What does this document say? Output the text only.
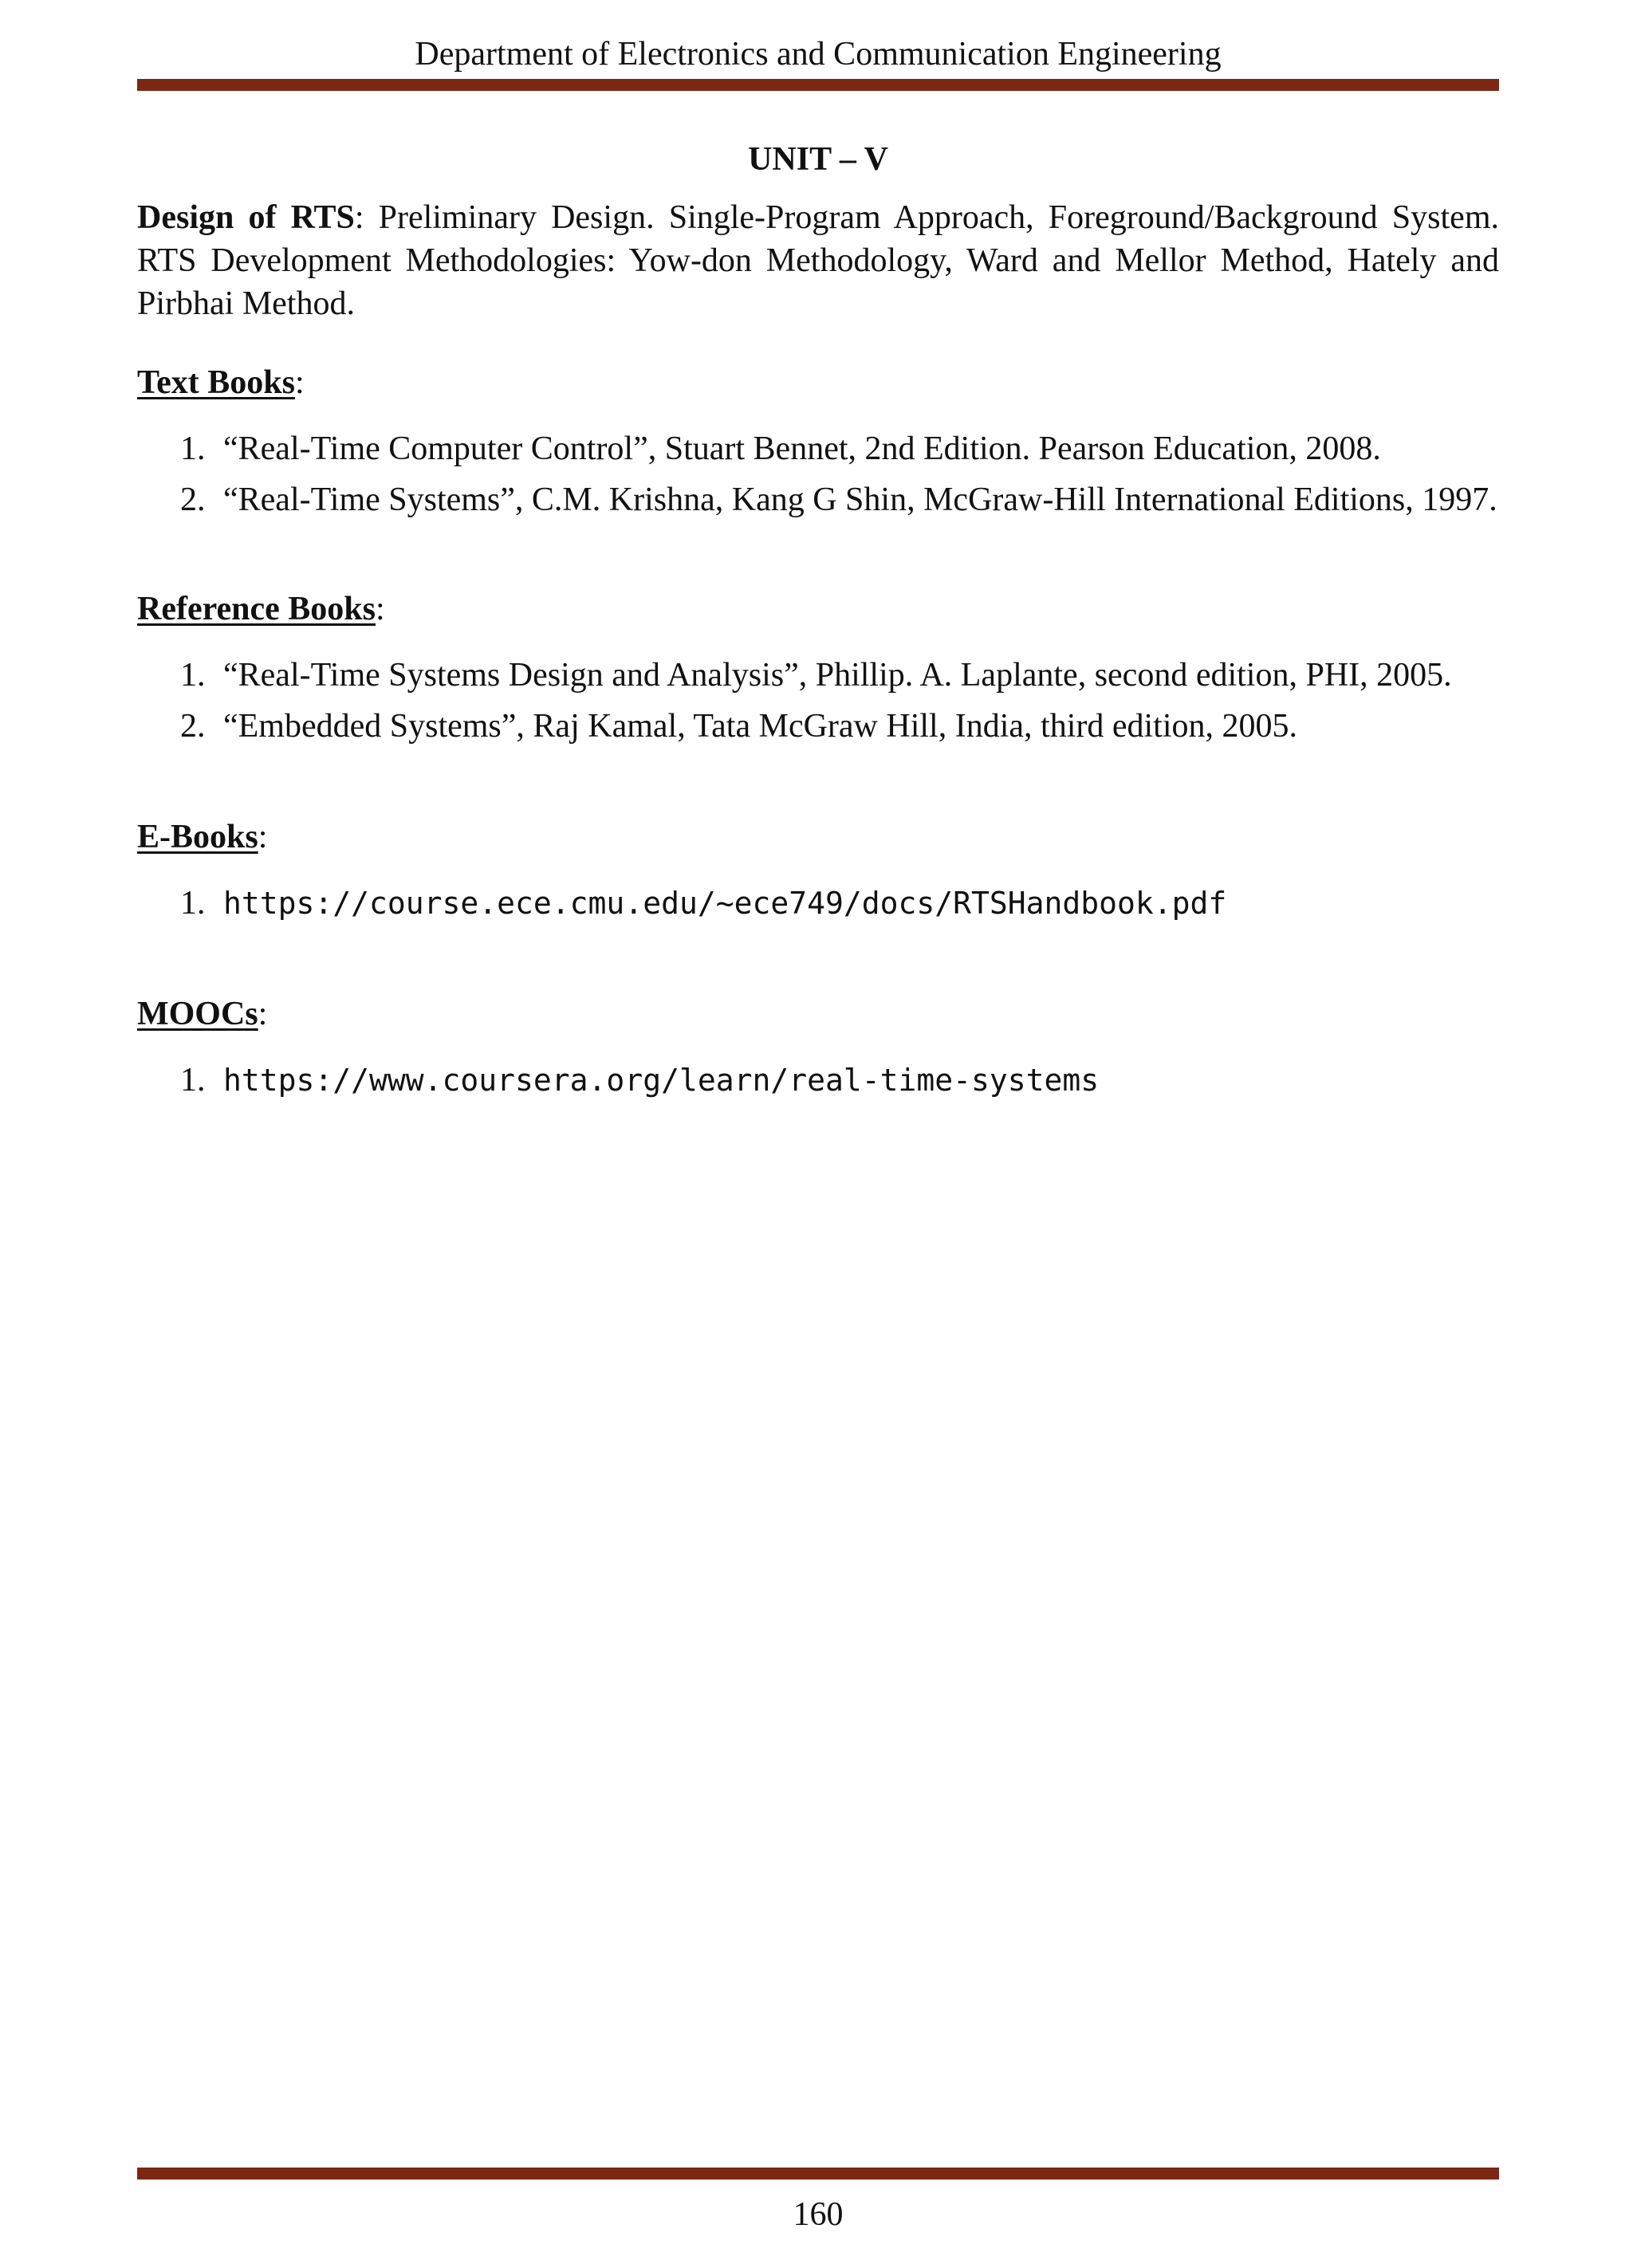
Department of Electronics and Communication Engineering
UNIT – V

Design of RTS: Preliminary Design. Single-Program Approach, Foreground/Background System. RTS Development Methodologies: Yow-don Methodology, Ward and Mellor Method, Hately and Pirbhai Method.

Text Books:
1. “Real-Time Computer Control”, Stuart Bennet, 2nd Edition. Pearson Education, 2008.
2. “Real-Time Systems”, C.M. Krishna, Kang G Shin, McGraw-Hill International Editions, 1997.
Reference Books:
1. “Real-Time Systems Design and Analysis”, Phillip. A. Laplante, second edition, PHI, 2005.
2. “Embedded Systems”, Raj Kamal, Tata McGraw Hill, India, third edition, 2005.
E-Books:
1. https://course.ece.cmu.edu/~ece749/docs/RTSHandbook.pdf
MOOCs:
1. https://www.coursera.org/learn/real-time-systems
160
